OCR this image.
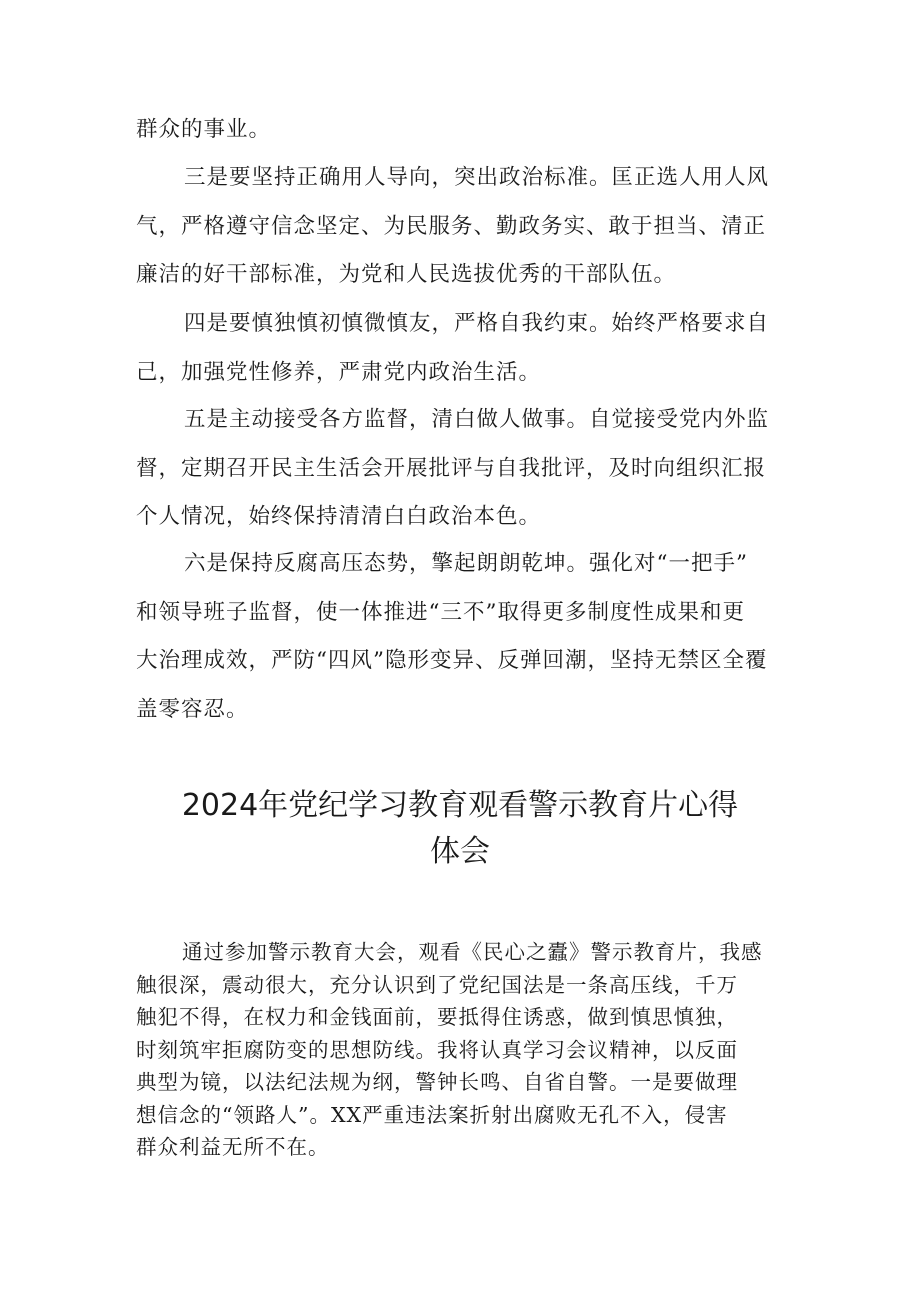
群众的事业。
三是要坚持正确用人导向，突出政治标准。匡正选人用人风
气，严格遵守信念坚定、为民服务、勤政务实、敢于担当、清正
廉洁的好干部标准，为党和人民选拔优秀的干部队伍。
四是要慎独慎初慎微慎友，严格自我约束。始终严格要求自
己，加强党性修养，严肃党内政治生活。
五是主动接受各方监督，清白做人做事。自觉接受党内外监
督，定期召开民主生活会开展批评与自我批评，及时向组织汇报
个人情况，始终保持清清白白政治本色。
六是保持反腐高压态势，擎起朗朗乾坤。强化对“一把手”
和领导班子监督，使一体推进“三不”取得更多制度性成果和更
大治理成效，严防“四风”隐形变异、反弹回潮，坚持无禁区全覆
盖零容忍。
2024年党纪学习教育观看警示教育片心得
体会
通过参加警示教育大会，观看《民心之蠹》警示教育片，我感
触很深，震动很大，充分认识到了党纪国法是一条高压线，千万
触犯不得，在权力和金钱面前，要抵得住诱惑，做到慎思慎独，
时刻筑牢拒腐防变的思想防线。我将认真学习会议精神，以反面
典型为镜，以法纪法规为纲，警钟长鸣、自省自警。一是要做理
想信念的“领路人”。XX严重违法案折射出腐败无孔不入，侵害
群众利益无所不在。
